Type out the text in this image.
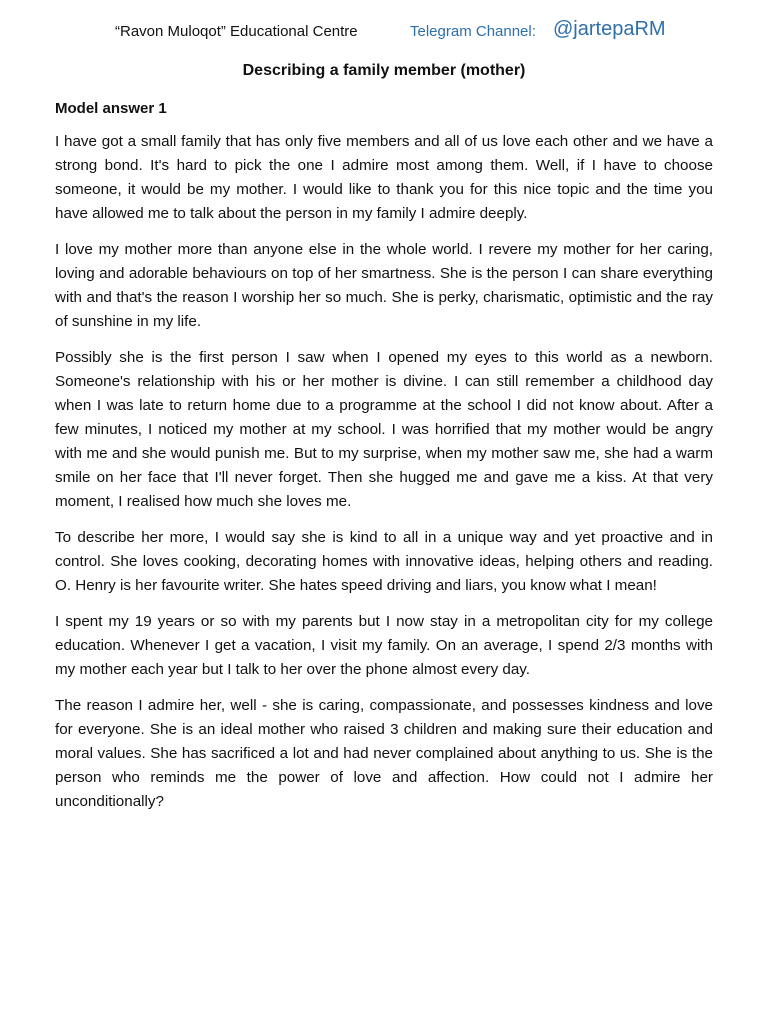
“Ravon Muloqot” Educational Centre	Telegram Channel: @jartepaRM
Describing a family member (mother)
Model answer 1

I have got a small family that has only five members and all of us love each other and we have a strong bond. It's hard to pick the one I admire most among them. Well, if I have to choose someone, it would be my mother. I would like to thank you for this nice topic and the time you have allowed me to talk about the person in my family I admire deeply.

I love my mother more than anyone else in the whole world. I revere my mother for her caring, loving and adorable behaviours on top of her smartness. She is the person I can share everything with and that's the reason I worship her so much. She is perky, charismatic, optimistic and the ray of sunshine in my life.

Possibly she is the first person I saw when I opened my eyes to this world as a newborn. Someone's relationship with his or her mother is divine. I can still remember a childhood day when I was late to return home due to a programme at the school I did not know about. After a few minutes, I noticed my mother at my school. I was horrified that my mother would be angry with me and she would punish me. But to my surprise, when my mother saw me, she had a warm smile on her face that I'll never forget. Then she hugged me and gave me a kiss. At that very moment, I realised how much she loves me.

To describe her more, I would say she is kind to all in a unique way and yet proactive and in control. She loves cooking, decorating homes with innovative ideas, helping others and reading. O. Henry is her favourite writer. She hates speed driving and liars, you know what I mean!

I spent my 19 years or so with my parents but I now stay in a metropolitan city for my college education. Whenever I get a vacation, I visit my family. On an average, I spend 2/3 months with my mother each year but I talk to her over the phone almost every day.

The reason I admire her, well - she is caring, compassionate, and possesses kindness and love for everyone. She is an ideal mother who raised 3 children and making sure their education and moral values. She has sacrificed a lot and had never complained about anything to us. She is the person who reminds me the power of love and affection. How could not I admire her unconditionally?
